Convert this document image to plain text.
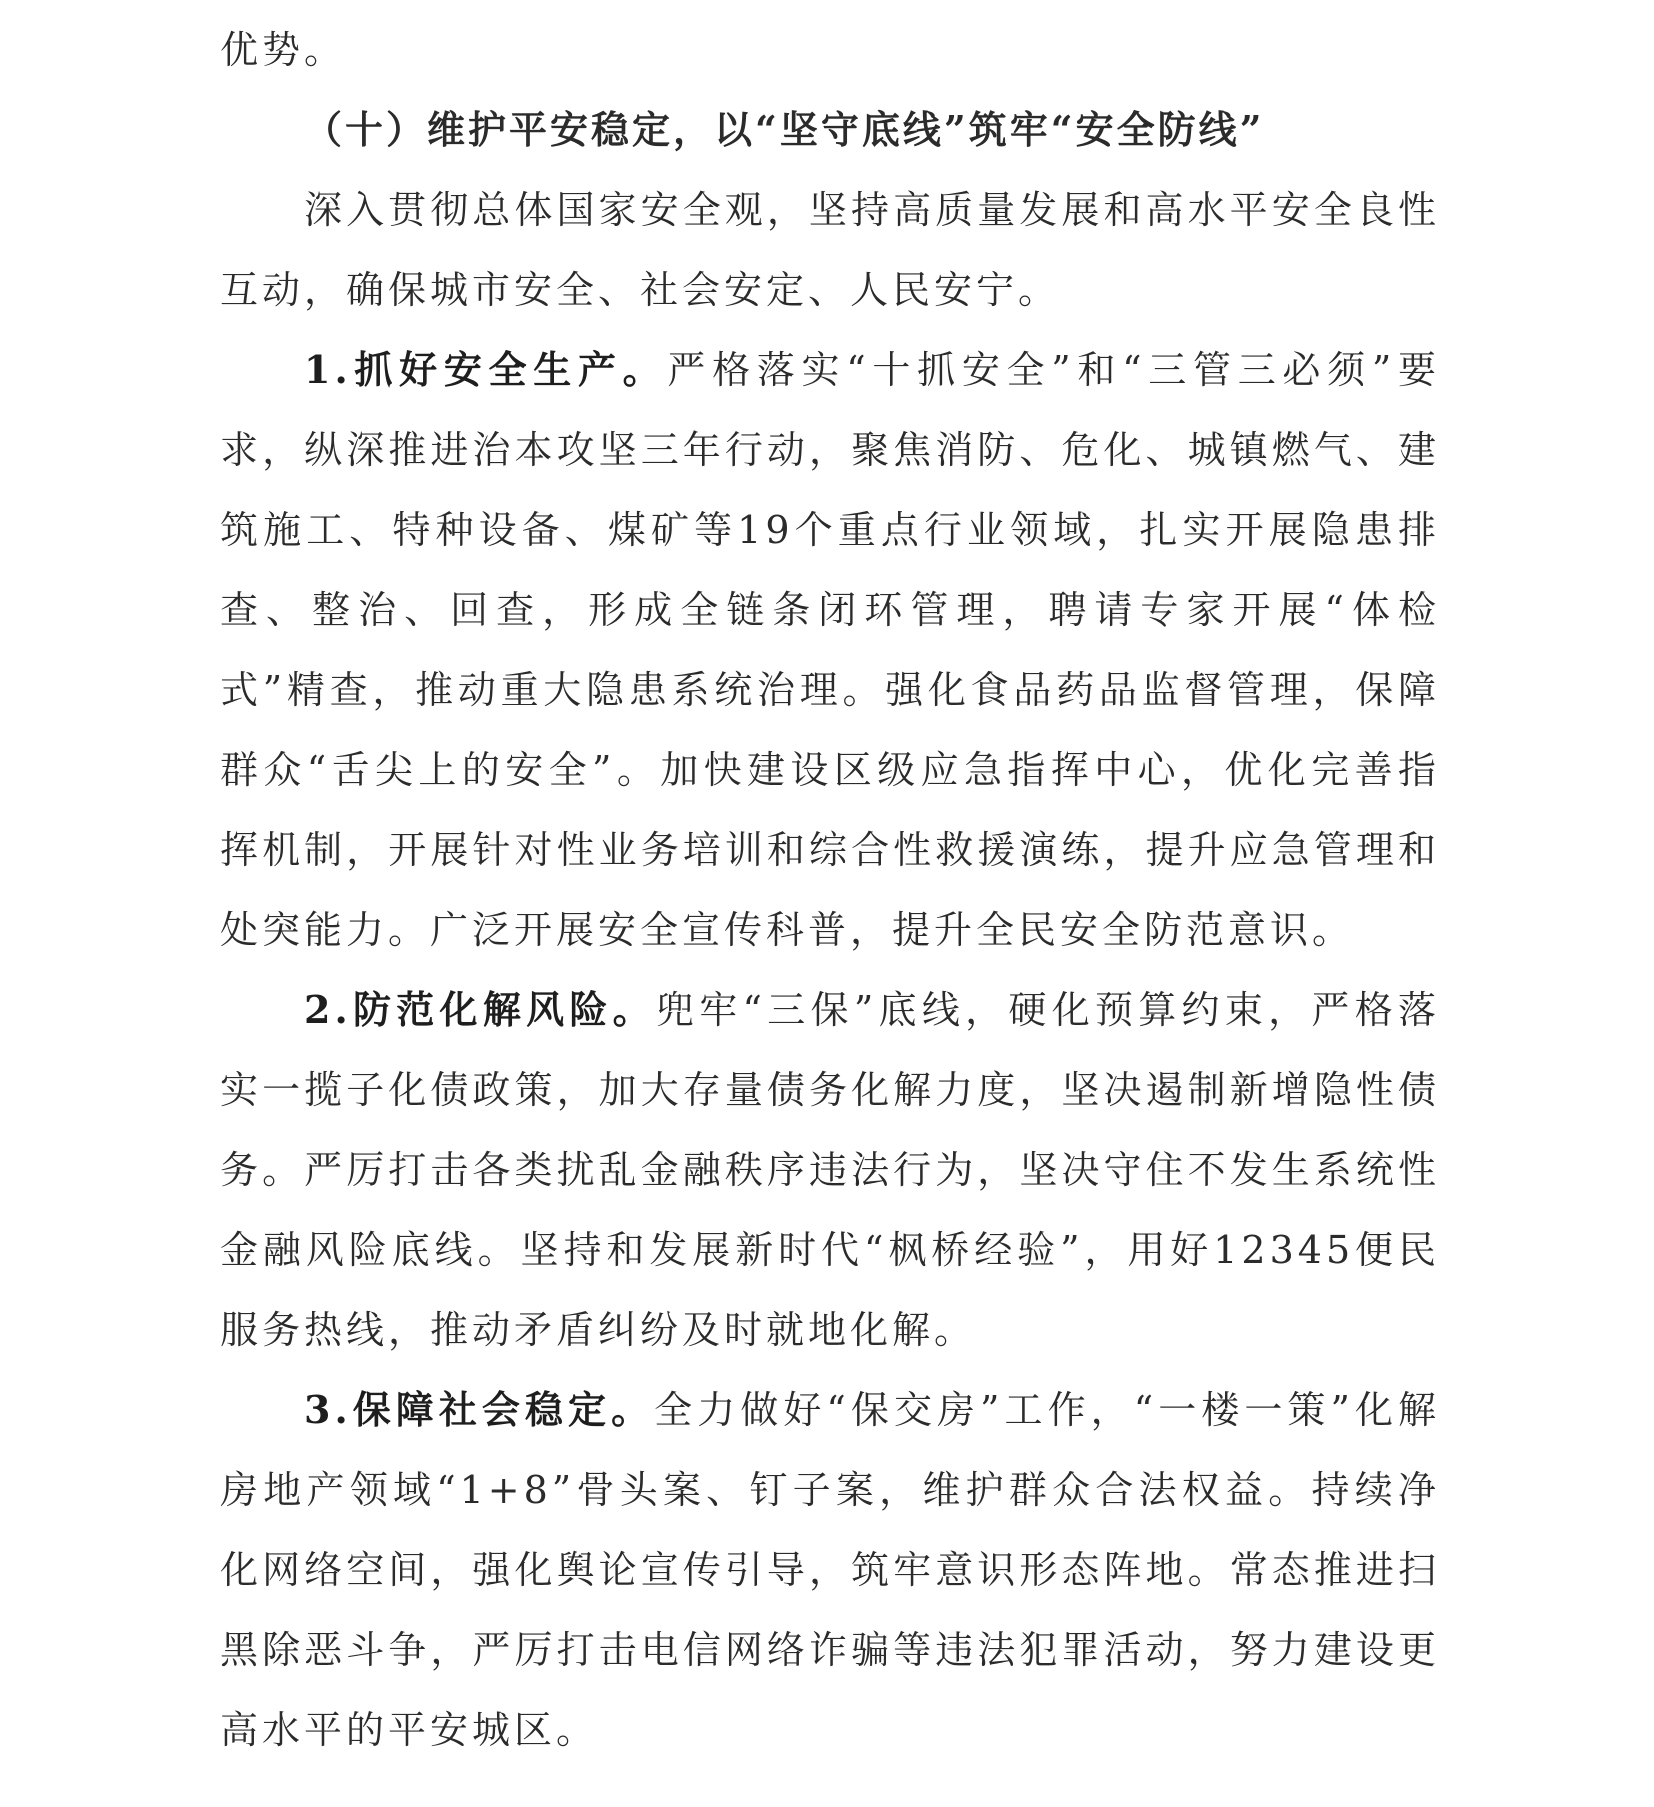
优势。

（十）维护平安稳定，以“坚守底线”筑牢“安全防线”

深入贯彻总体国家安全观，坚持高质量发展和高水平安全良性互动，确保城市安全、社会安定、人民安宁。

1.抓好安全生产。严格落实“十抓安全”和“三管三必须”要求，纵深推进治本攻坚三年行动，聚焦消防、危化、城镇燃气、建筑施工、特种设备、煤矿等19个重点行业领域，扎实开展隐患排查、整治、回查，形成全链条闭环管理，聘请专家开展“体检式”精查，推动重大隐患系统治理。强化食品药品监督管理，保障群众“舌尖上的安全”。加快建设区级应急指挥中心，优化完善指挥机制，开展针对性业务培训和综合性救援演练，提升应急管理和处突能力。广泛开展安全宣传科普，提升全民安全防范意识。

2.防范化解风险。兜牢“三保”底线，硬化预算约束，严格落实一揽子化债政策，加大存量债务化解力度，坚决遏制新增隐性债务。严厉打击各类扰乱金融秩序违法行为，坚决守住不发生系统性金融风险底线。坚持和发展新时代“枫桥经验”，用好12345便民服务热线，推动矛盾纠纷及时就地化解。

3.保障社会稳定。全力做好“保交房”工作，“一楼一策”化解房地产领域“1+8”骨头案、钉子案，维护群众合法权益。持续净化网络空间，强化舆论宣传引导，筑牢意识形态阵地。常态推进扫黑除恶斗争，严厉打击电信网络诈骗等违法犯罪活动，努力建设更高水平的平安城区。
